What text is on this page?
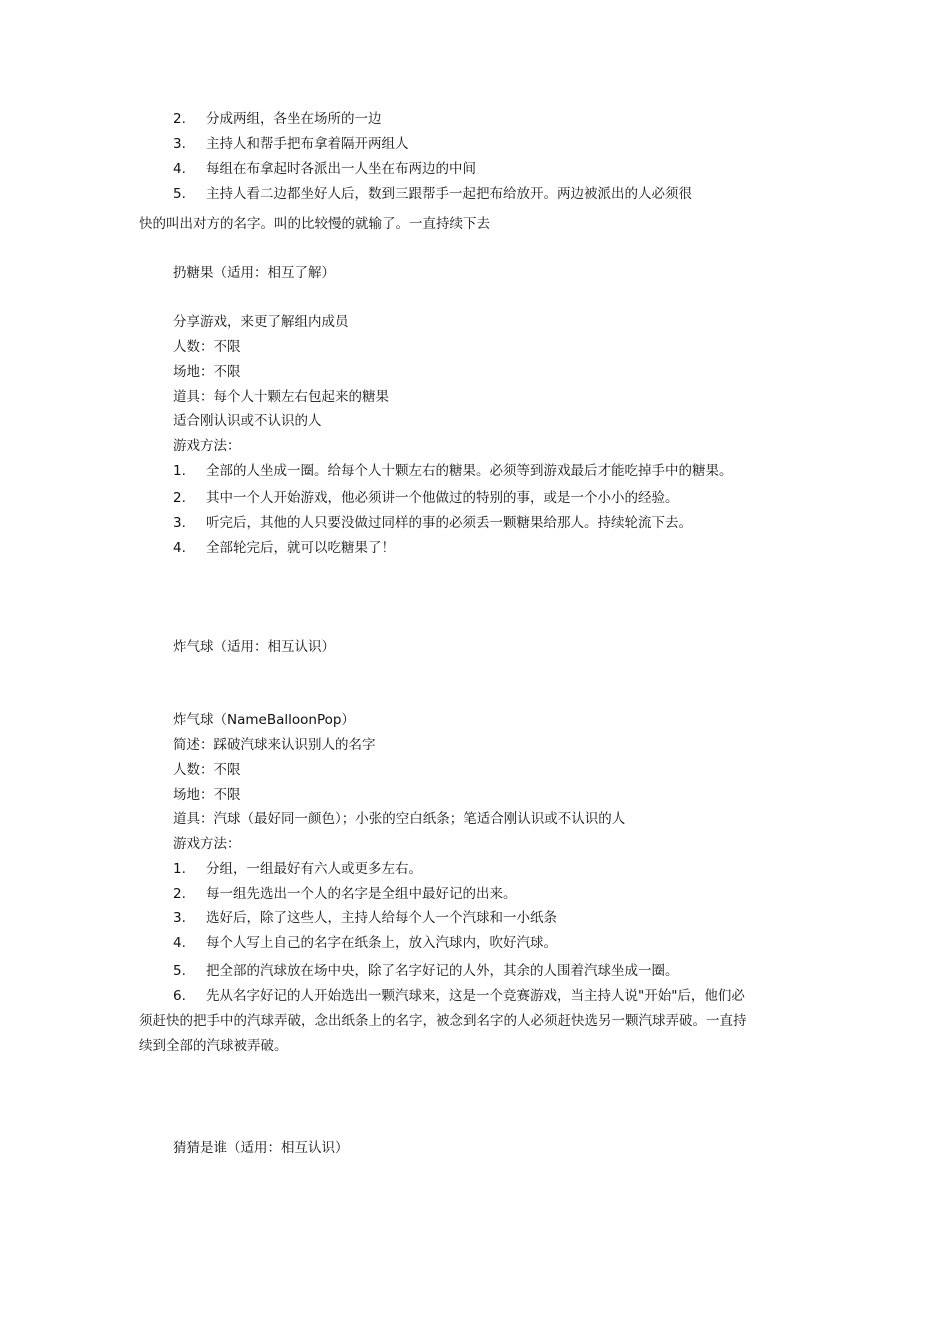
2. 分成两组，各坐在场所的一边
3. 主持人和帮手把布拿着隔开两组人
4. 每组在布拿起时各派出一人坐在布两边的中间
5. 主持人看二边都坐好人后，数到三跟帮手一起把布给放开。两边被派出的人必须很
快的叫出对方的名字。叫的比较慢的就输了。一直持续下去
扔糖果（适用：相互了解）
分享游戏，来更了解组内成员
人数：不限
场地：不限
道具：每个人十颗左右包起来的糖果
适合刚认识或不认识的人
游戏方法：
1. 全部的人坐成一圈。给每个人十颗左右的糖果。必须等到游戏最后才能吃掉手中的糖果。
2. 其中一个人开始游戏，他必须讲一个他做过的特别的事，或是一个小小的经验。
3. 听完后，其他的人只要没做过同样的事的必须丢一颗糖果给那人。持续轮流下去。
4. 全部轮完后，就可以吃糖果了！
炸气球（适用：相互认识）
炸气球（NameBalloonPop）
简述：踩破汽球来认识别人的名字
人数：不限
场地：不限
道具：汽球（最好同一颜色）；小张的空白纸条；笔适合刚认识或不认识的人
游戏方法：
1. 分组，一组最好有六人或更多左右。
2. 每一组先选出一个人的名字是全组中最好记的出来。
3. 选好后，除了这些人，主持人给每个人一个汽球和一小纸条
4. 每个人写上自己的名字在纸条上，放入汽球内，吹好汽球。
5. 把全部的汽球放在场中央，除了名字好记的人外，其余的人围着汽球坐成一圈。
6. 先从名字好记的人开始选出一颗汽球来，这是一个竞赛游戏，当主持人说"开始"后，他们必
须赶快的把手中的汽球弄破，念出纸条上的名字，被念到名字的人必须赶快选另一颗汽球弄破。一直持
续到全部的汽球被弄破。
猜猜是谁（适用：相互认识）
